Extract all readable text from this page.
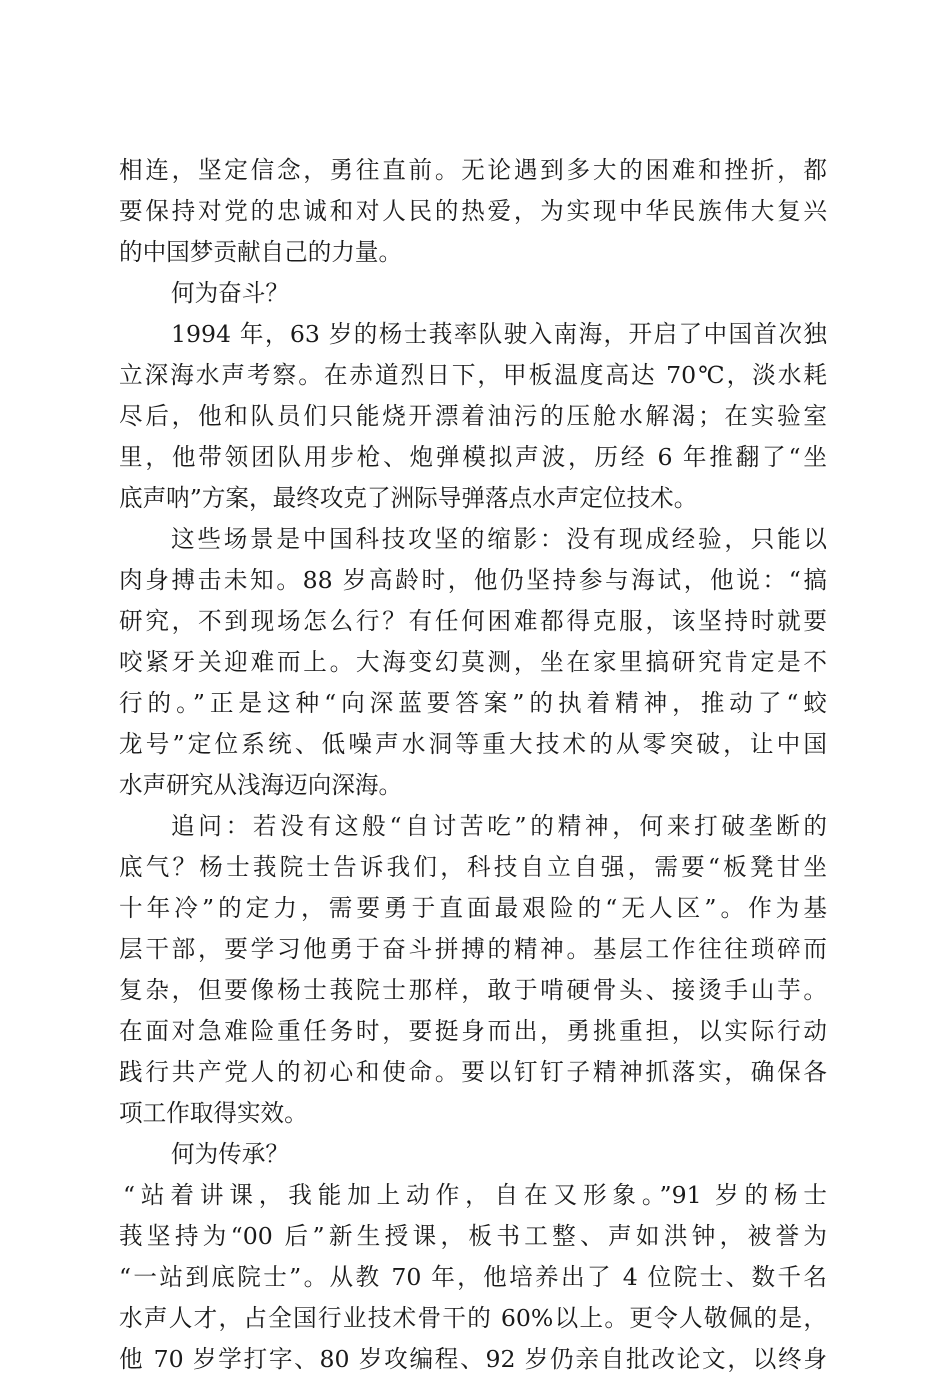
相连，坚定信念，勇往直前。无论遇到多大的困难和挫折，都
要保持对党的忠诚和对人民的热爱，为实现中华民族伟大复兴
的中国梦贡献自己的力量。
何为奋斗？
1994 年，63 岁的杨士莪率队驶入南海，开启了中国首次独
立深海水声考察。在赤道烈日下，甲板温度高达 70℃，淡水耗
尽后，他和队员们只能烧开漂着油污的压舱水解渴；在实验室
里，他带领团队用步枪、炮弹模拟声波，历经 6 年推翻了“坐
底声呐”方案，最终攻克了洲际导弹落点水声定位技术。
这些场景是中国科技攻坚的缩影：没有现成经验，只能以
肉身搏击未知。88 岁高龄时，他仍坚持参与海试，他说：“搞
研究，不到现场怎么行？有任何困难都得克服，该坚持时就要
咬紧牙关迎难而上。大海变幻莫测，坐在家里搞研究肯定是不
行的。”正是这种“向深蓝要答案”的执着精神，推动了“蛟
龙号”定位系统、低噪声水洞等重大技术的从零突破，让中国
水声研究从浅海迈向深海。
追问：若没有这般“自讨苦吃”的精神，何来打破垄断的
底气？杨士莪院士告诉我们，科技自立自强，需要“板凳甘坐
十年冷”的定力，需要勇于直面最艰险的“无人区”。作为基
层干部，要学习他勇于奋斗拼搏的精神。基层工作往往琐碎而
复杂，但要像杨士莪院士那样，敢于啃硬骨头、接烫手山芋。
在面对急难险重任务时，要挺身而出，勇挑重担，以实际行动
践行共产党人的初心和使命。要以钉钉子精神抓落实，确保各
项工作取得实效。
何为传承？
“站着讲课，我能加上动作，自在又形象。”91 岁的杨士
莪坚持为“00 后”新生授课，板书工整、声如洪钟，被誉为
“一站到底院士”。从教 70 年，他培养出了 4 位院士、数千名
水声人才，占全国行业技术骨干的 60%以上。更令人敬佩的是，
他 70 岁学打字、80 岁攻编程、92 岁仍亲自批改论文，以终身
